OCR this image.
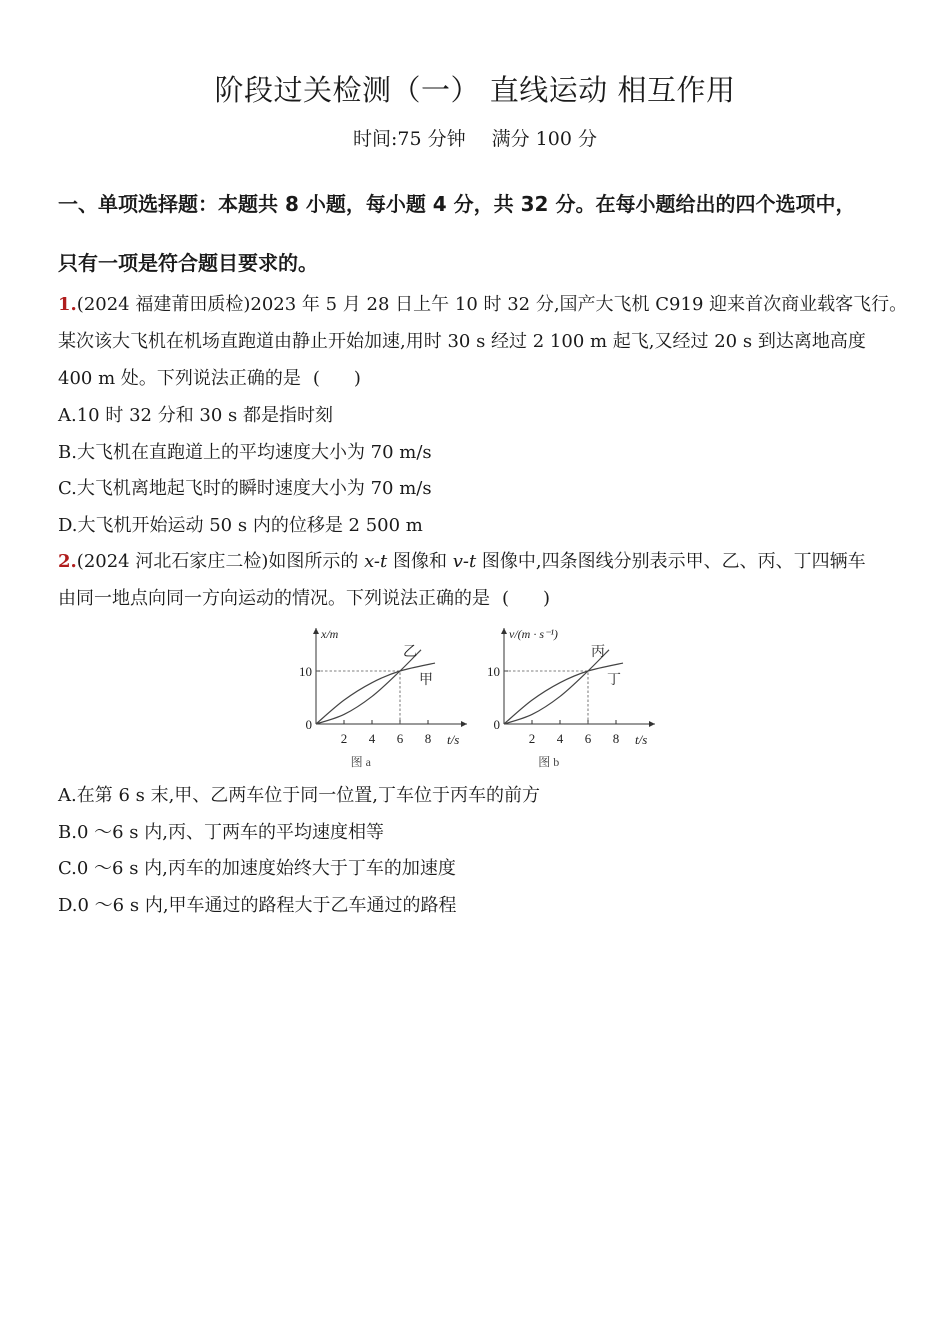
阶段过关检测（一） 直线运动 相互作用
时间:75 分钟 满分 100 分
一、单项选择题：本题共 8 小题，每小题 4 分，共 32 分。在每小题给出的四个选项中，
只有一项是符合题目要求的。
1.(2024 福建莆田质检)2023 年 5 月 28 日上午 10 时 32 分,国产大飞机 C919 迎来首次商业载客飞行。
某次该大飞机在机场直跑道由静止开始加速,用时 30 s 经过 2 100 m 起飞,又经过 20 s 到达离地高度
400 m 处。下列说法正确的是 ( )
A.10 时 32 分和 30 s 都是指时刻
B.大飞机在直跑道上的平均速度大小为 70 m/s
C.大飞机离地起飞时的瞬时速度大小为 70 m/s
D.大飞机开始运动 50 s 内的位移是 2 500 m
2.(2024 河北石家庄二检)如图所示的 x-t 图像和 v-t 图像中,四条图线分别表示甲、乙、丙、丁四辆车
由同一地点向同一方向运动的情况。下列说法正确的是 ( )
2 4 6 8
10
0
x/m
t/s
乙
甲
图 a
2 4 6 8
10
0
v/(m · s⁻¹)
t/s
丙
丁
图 b
A.在第 6 s 末,甲、乙两车位于同一位置,丁车位于丙车的前方
B.0 ～6 s 内,丙、丁两车的平均速度相等
C.0 ～6 s 内,丙车的加速度始终大于丁车的加速度
D.0 ～6 s 内,甲车通过的路程大于乙车通过的路程
